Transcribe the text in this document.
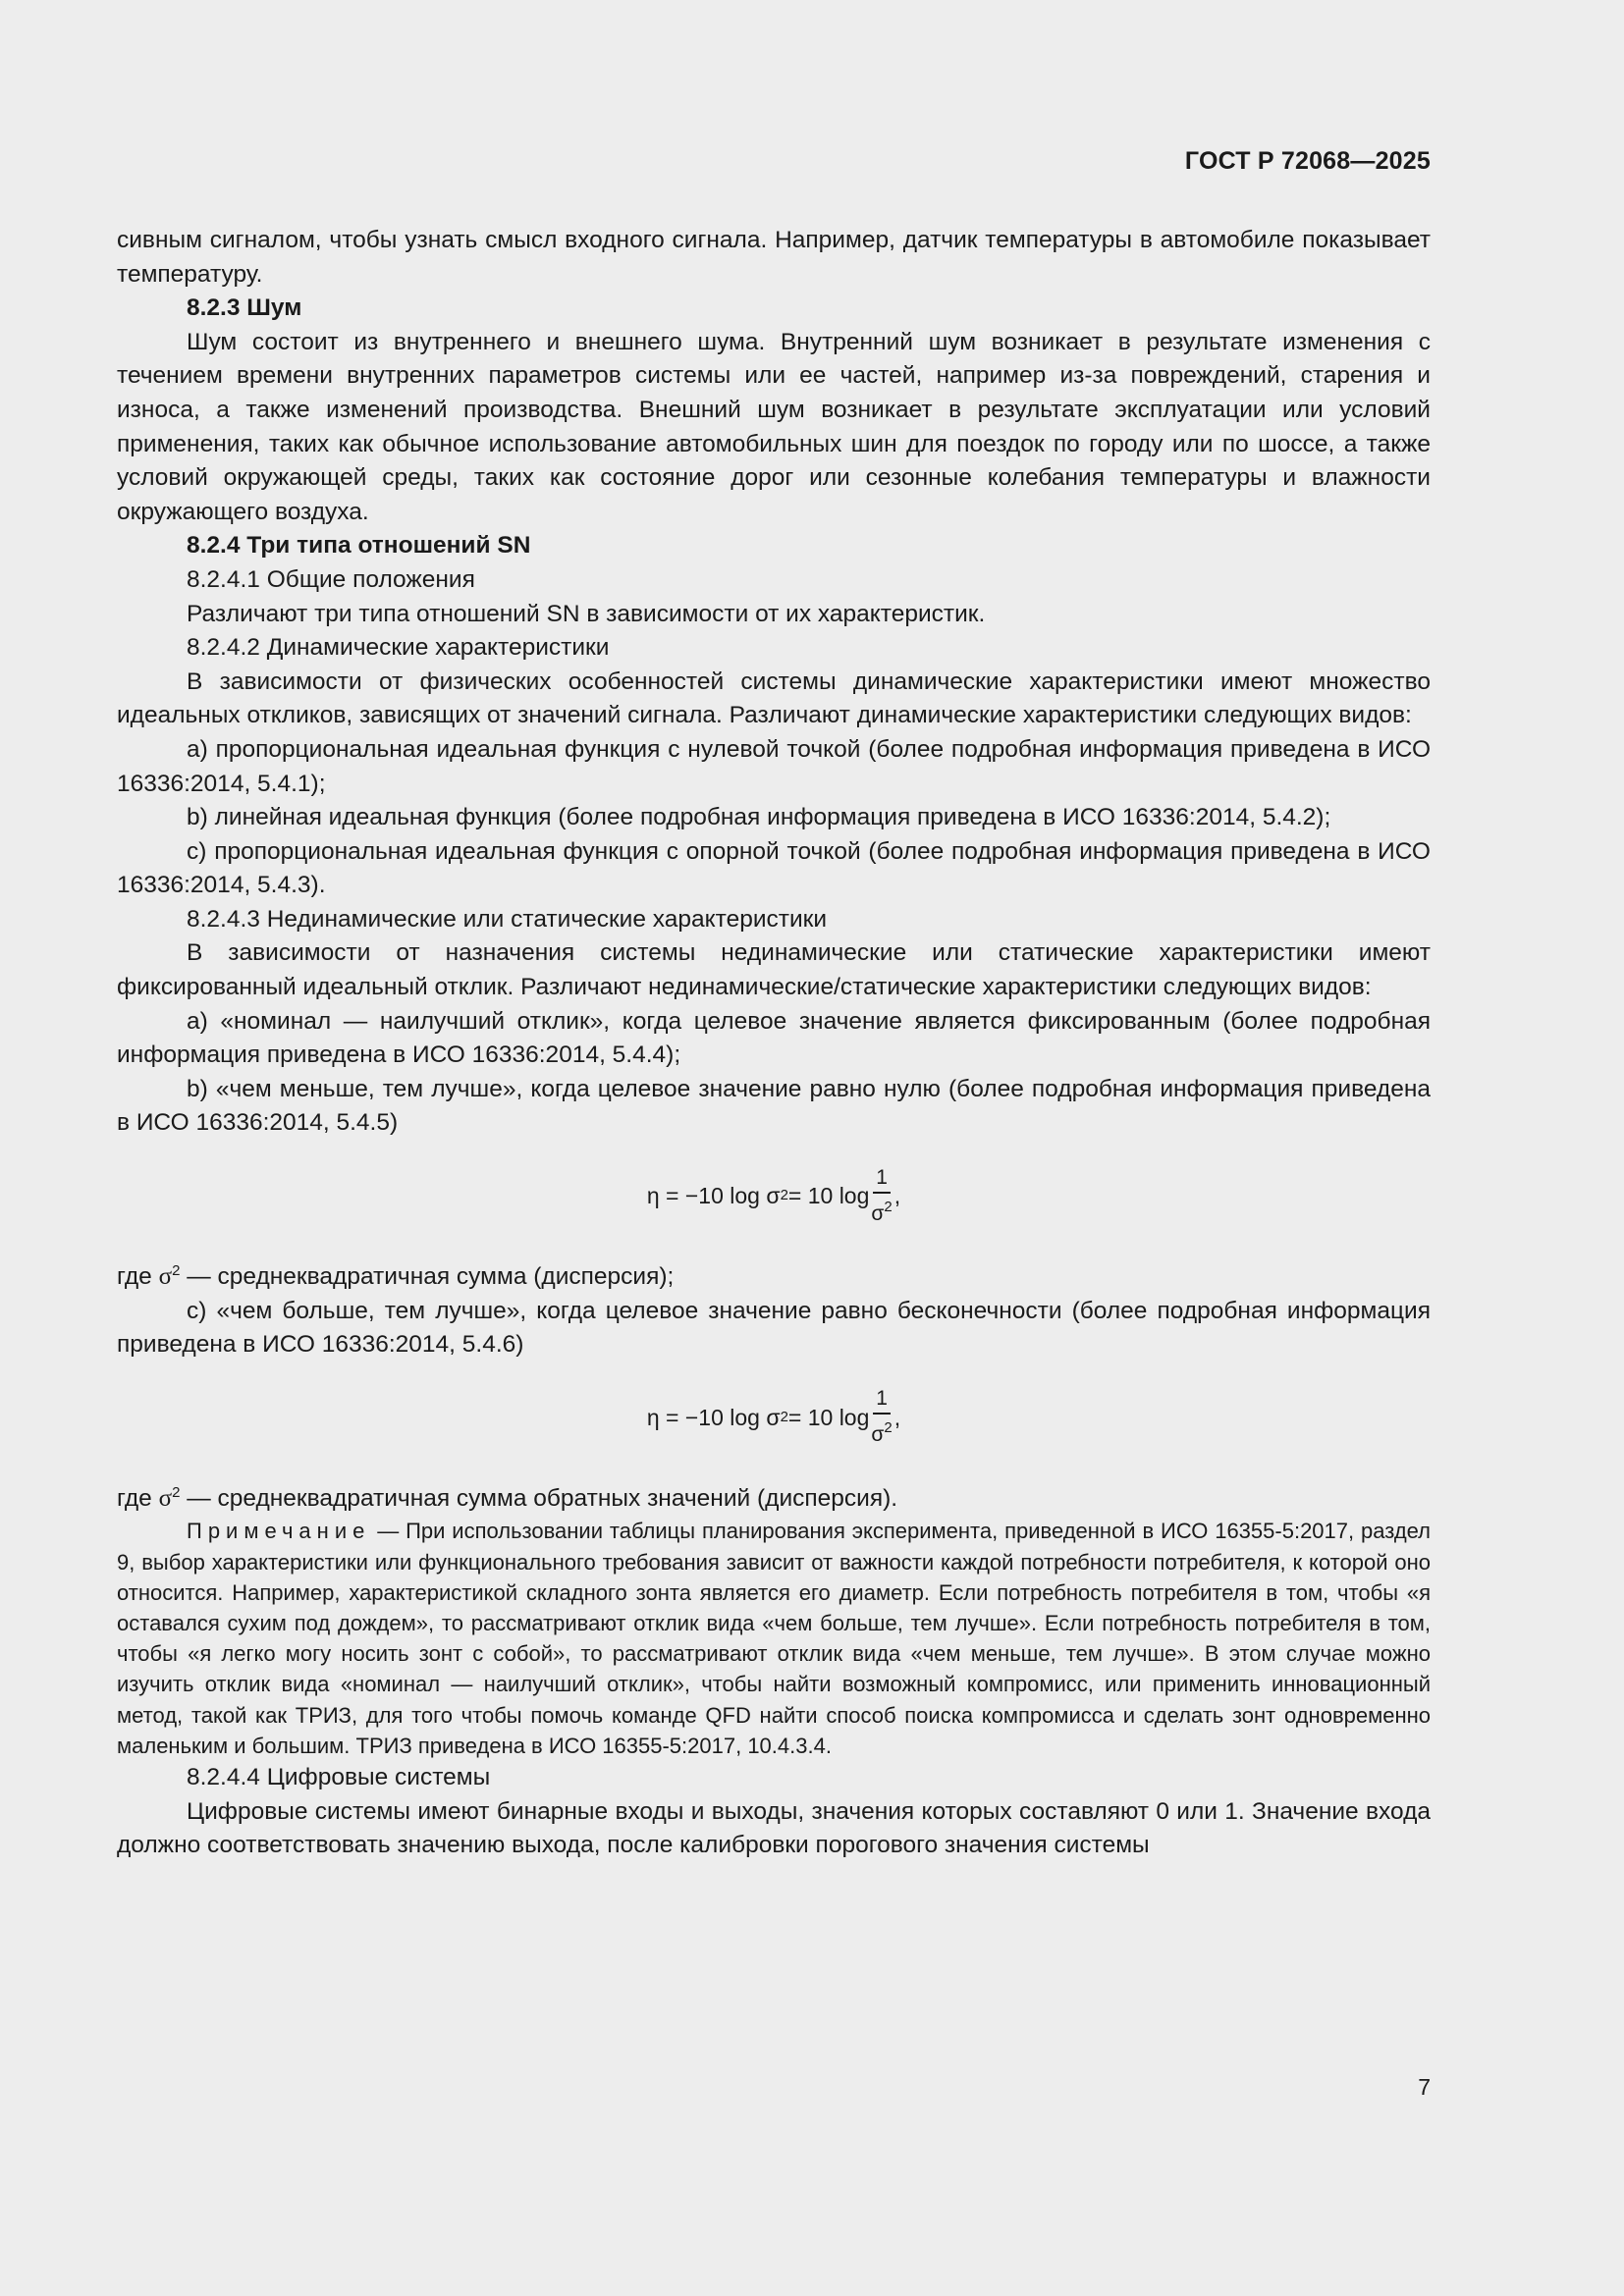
ГОСТ Р 72068—2025

сивным сигналом, чтобы узнать смысл входного сигнала. Например, датчик температуры в автомобиле показывает температуру.

8.2.3 Шум

Шум состоит из внутреннего и внешнего шума. Внутренний шум возникает в результате изменения с течением времени внутренних параметров системы или ее частей, например из-за повреждений, старения и износа, а также изменений производства. Внешний шум возникает в результате эксплуатации или условий применения, таких как обычное использование автомобильных шин для поездок по городу или по шоссе, а также условий окружающей среды, таких как состояние дорог или сезонные колебания температуры и влажности окружающего воздуха.

8.2.4 Три типа отношений SN

8.2.4.1 Общие положения

Различают три типа отношений SN в зависимости от их характеристик.

8.2.4.2 Динамические характеристики

В зависимости от физических особенностей системы динамические характеристики имеют множество идеальных откликов, зависящих от значений сигнала. Различают динамические характеристики следующих видов:

a) пропорциональная идеальная функция с нулевой точкой (более подробная информация приведена в ИСО 16336:2014, 5.4.1);

b) линейная идеальная функция (более подробная информация приведена в ИСО 16336:2014, 5.4.2);

c) пропорциональная идеальная функция с опорной точкой (более подробная информация приведена в ИСО 16336:2014, 5.4.3).

8.2.4.3 Нединамические или статические характеристики

В зависимости от назначения системы нединамические или статические характеристики имеют фиксированный идеальный отклик. Различают нединамические/статические характеристики следующих видов:

a) «номинал — наилучший отклик», когда целевое значение является фиксированным (более подробная информация приведена в ИСО 16336:2014, 5.4.4);

b) «чем меньше, тем лучше», когда целевое значение равно нулю (более подробная информация приведена в ИСО 16336:2014, 5.4.5)

η = −10 log σ 2 = 10 $\log \frac{1}{\sigma^2}$ ,

где $\sigma^2$ — среднеквадратичная сумма (дисперсия);

c) «чем больше, тем лучше», когда целевое значение равно бесконечности (более подробная информация приведена в ИСО 16336:2014, 5.4.6)

η = −10 log σ 2 = 10 $\log \frac{1}{\sigma^2}$ ,

где $\sigma^2$ — среднеквадратичная сумма обратных значений (дисперсия).

Примечание — При использовании таблицы планирования эксперимента, приведенной в ИСО 16355-5:2017, раздел 9, выбор характеристики или функционального требования зависит от важности каждой потребности потребителя, к которой оно относится. Например, характеристикой складного зонта является его диаметр. Если потребность потребителя в том, чтобы «я оставался сухим под дождем», то рассматривают отклик вида «чем больше, тем лучше». Если потребность потребителя в том, чтобы «я легко могу носить зонт с собой», то рассматривают отклик вида «чем меньше, тем лучше». В этом случае можно изучить отклик вида «номинал — наилучший отклик», чтобы найти возможный компромисс, или применить инновационный метод, такой как ТРИЗ, для того чтобы помочь команде QFD найти способ поиска компромисса и сделать зонт одновременно маленьким и большим. ТРИЗ приведена в ИСО 16355-5:2017, 10.4.3.4.

8.2.4.4 Цифровые системы

Цифровые системы имеют бинарные входы и выходы, значения которых составляют 0 или 1. Значение входа должно соответствовать значению выхода, после калибровки порогового значения системы

7
